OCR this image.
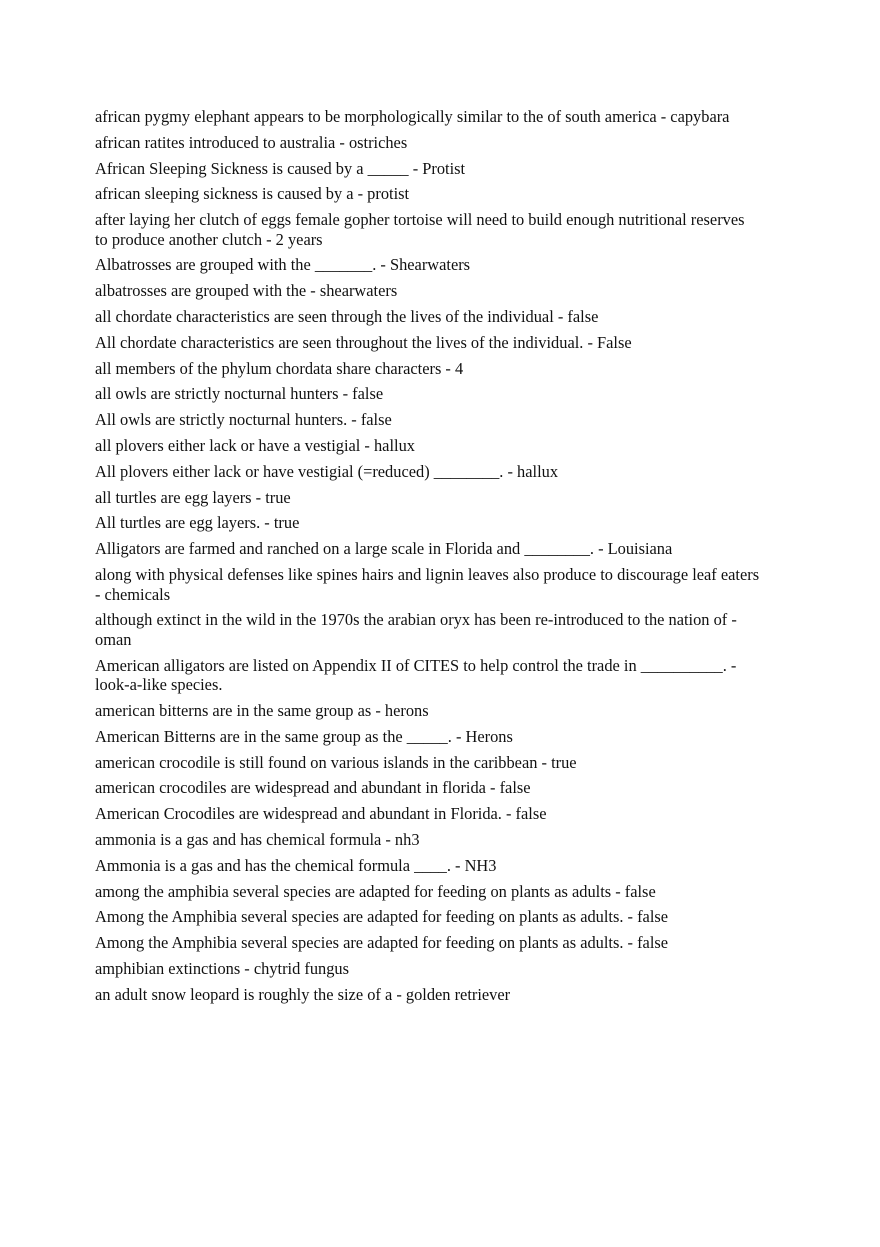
african pygmy elephant appears to be morphologically similar to the of south america - capybara

african ratites introduced to australia - ostriches

African Sleeping Sickness is caused by a _____ - Protist

african sleeping sickness is caused by a - protist

after laying her clutch of eggs female gopher tortoise will need to build enough nutritional reserves to produce another clutch - 2 years

Albatrosses are grouped with the _______. - Shearwaters

albatrosses are grouped with the - shearwaters

all chordate characteristics are seen through the lives of the individual - false

All chordate characteristics are seen throughout the lives of the individual. - False

all members of the phylum chordata share characters - 4

all owls are strictly nocturnal hunters - false

All owls are strictly nocturnal hunters. - false

all plovers either lack or have a vestigial - hallux

All plovers either lack or have vestigial (=reduced) ________. - hallux

all turtles are egg layers - true

All turtles are egg layers. - true

Alligators are farmed and ranched on a large scale in Florida and ________. - Louisiana

along with physical defenses like spines hairs and lignin leaves also produce to discourage leaf eaters - chemicals

although extinct in the wild in the 1970s the arabian oryx has been re-introduced to the nation of - oman

American alligators are listed on Appendix II of CITES to help control the trade in __________. - look-a-like species.

american bitterns are in the same group as - herons

American Bitterns are in the same group as the _____. - Herons

american crocodile is still found on various islands in the caribbean - true

american crocodiles are widespread and abundant in florida - false

American Crocodiles are widespread and abundant in Florida. - false

ammonia is a gas and has chemical formula - nh3

Ammonia is a gas and has the chemical formula ____. - NH3

among the amphibia several species are adapted for feeding on plants as adults - false

Among the Amphibia several species are adapted for feeding on plants as adults. - false

Among the Amphibia several species are adapted for feeding on plants as adults. - false

amphibian extinctions - chytrid fungus

an adult snow leopard is roughly the size of a - golden retriever
